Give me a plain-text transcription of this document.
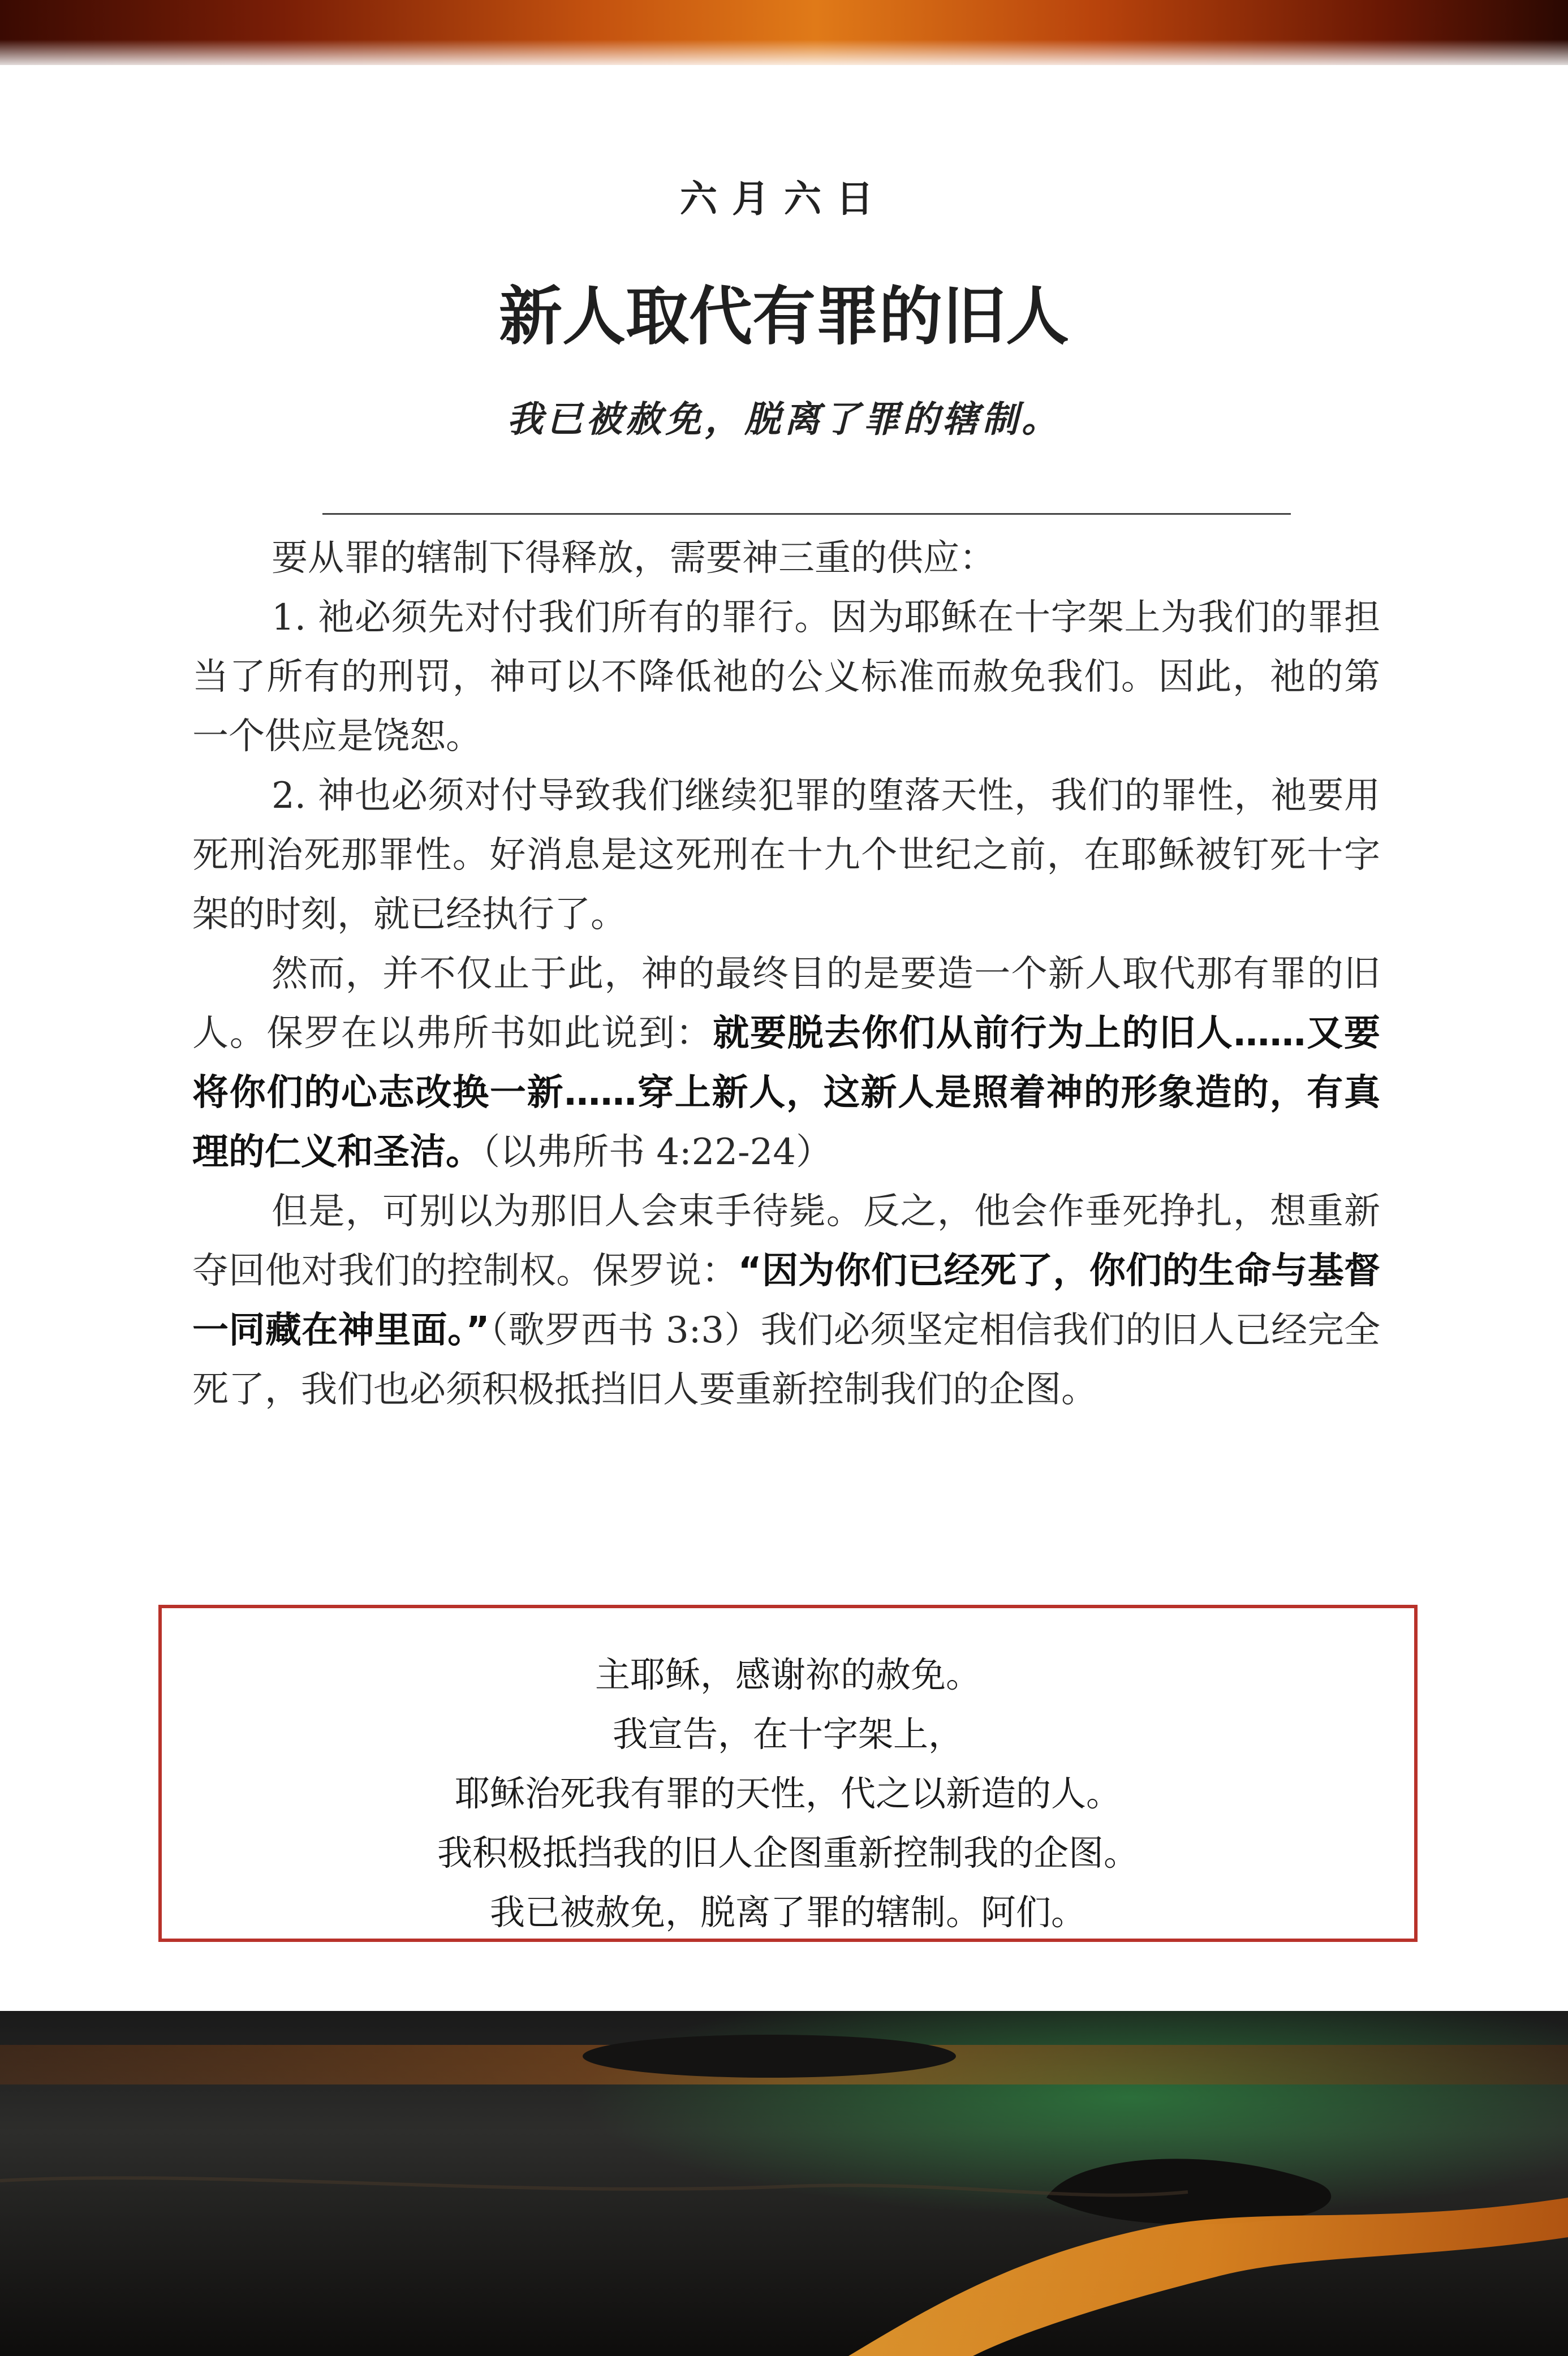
六月六日
新人取代有罪的旧人
我已被赦免，脱离了罪的辖制。

要从罪的辖制下得释放，需要神三重的供应：

1. 祂必须先对付我们所有的罪行。因为耶稣在十字架上为我们的罪担当了所有的刑罚，神可以不降低祂的公义标准而赦免我们。因此，祂的第一个供应是饶恕。

2. 神也必须对付导致我们继续犯罪的堕落天性，我们的罪性，祂要用死刑治死那罪性。好消息是这死刑在十九个世纪之前，在耶稣被钉死十字架的时刻，就已经执行了。

然而，并不仅止于此，神的最终目的是要造一个新人取代那有罪的旧人。保罗在以弗所书如此说到：就要脱去你们从前行为上的旧人……又要将你们的心志改换一新……穿上新人，这新人是照着神的形象造的，有真理的仁义和圣洁。（以弗所书 4:22-24）

但是，可别以为那旧人会束手待毙。反之，他会作垂死挣扎，想重新夺回他对我们的控制权。保罗说：“因为你们已经死了，你们的生命与基督一同藏在神里面。”（歌罗西书 3:3）我们必须坚定相信我们的旧人已经完全死了，我们也必须积极抵挡旧人要重新控制我们的企图。

主耶稣，感谢祢的赦免。
我宣告，在十字架上，
耶稣治死我有罪的天性，代之以新造的人。
我积极抵挡我的旧人企图重新控制我的企图。
我已被赦免，脱离了罪的辖制。阿们。
